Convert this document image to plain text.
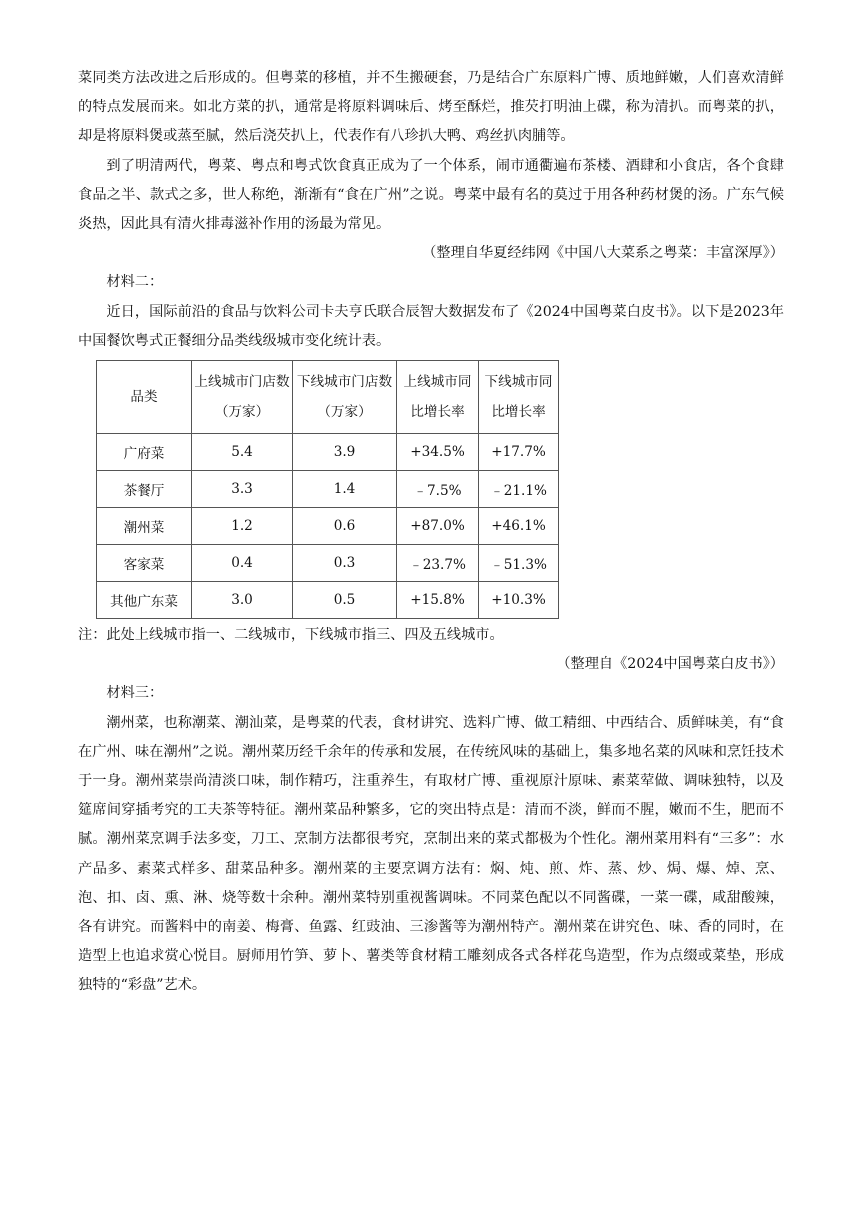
菜同类方法改进之后形成的。但粤菜的移植，并不生搬硬套，乃是结合广东原料广博、质地鲜嫩，人们喜欢清鲜的特点发展而来。如北方菜的扒，通常是将原料调味后、烤至酥烂，推芡打明油上碟，称为清扒。而粤菜的扒，却是将原料煲或蒸至腻，然后浇芡扒上，代表作有八珍扒大鸭、鸡丝扒肉脯等。

到了明清两代，粤菜、粤点和粤式饮食真正成为了一个体系，闹市通衢遍布茶楼、酒肆和小食店，各个食肆食品之半、款式之多，世人称绝，渐渐有“食在广州”之说。粤菜中最有名的莫过于用各种药材煲的汤。广东气候炎热，因此具有清火排毒滋补作用的汤最为常见。

（整理自华夏经纬网《中国八大菜系之粤菜：丰富深厚》）

材料二：

近日，国际前沿的食品与饮料公司卡夫亨氏联合辰智大数据发布了《2024中国粤菜白皮书》。以下是2023年中国餐饮粤式正餐细分品类线级城市变化统计表。

品类	上线城市门店数（万家）	下线城市门店数（万家）	上线城市同比增长率	下线城市同比增长率
广府菜	5.4	3.9	+34.5%	+17.7%
茶餐厅	3.3	1.4	﹣7.5%	﹣21.1%
潮州菜	1.2	0.6	+87.0%	+46.1%
客家菜	0.4	0.3	﹣23.7%	﹣51.3%
其他广东菜	3.0	0.5	+15.8%	+10.3%

注：此处上线城市指一、二线城市，下线城市指三、四及五线城市。

（整理自《2024中国粤菜白皮书》）

材料三：

潮州菜，也称潮菜、潮汕菜，是粤菜的代表，食材讲究、选料广博、做工精细、中西结合、质鲜味美，有“食在广州、味在潮州”之说。潮州菜历经千余年的传承和发展，在传统风味的基础上，集多地名菜的风味和烹饪技术于一身。潮州菜崇尚清淡口味，制作精巧，注重养生，有取材广博、重视原汁原味、素菜荤做、调味独特，以及筵席间穿插考究的工夫茶等特征。潮州菜品种繁多，它的突出特点是：清而不淡，鲜而不腥，嫩而不生，肥而不腻。潮州菜烹调手法多变，刀工、烹制方法都很考究，烹制出来的菜式都极为个性化。潮州菜用料有“三多”：水产品多、素菜式样多、甜菜品种多。潮州菜的主要烹调方法有：焖、炖、煎、炸、蒸、炒、焗、爆、焯、烹、泡、扣、卤、熏、淋、烧等数十余种。潮州菜特别重视酱调味。不同菜色配以不同酱碟，一菜一碟，咸甜酸辣，各有讲究。而酱料中的南姜、梅膏、鱼露、红豉油、三渗酱等为潮州特产。潮州菜在讲究色、味、香的同时，在造型上也追求赏心悦目。厨师用竹笋、萝卜、薯类等食材精工雕刻成各式各样花鸟造型，作为点缀或菜垫，形成独特的“彩盘”艺术。
